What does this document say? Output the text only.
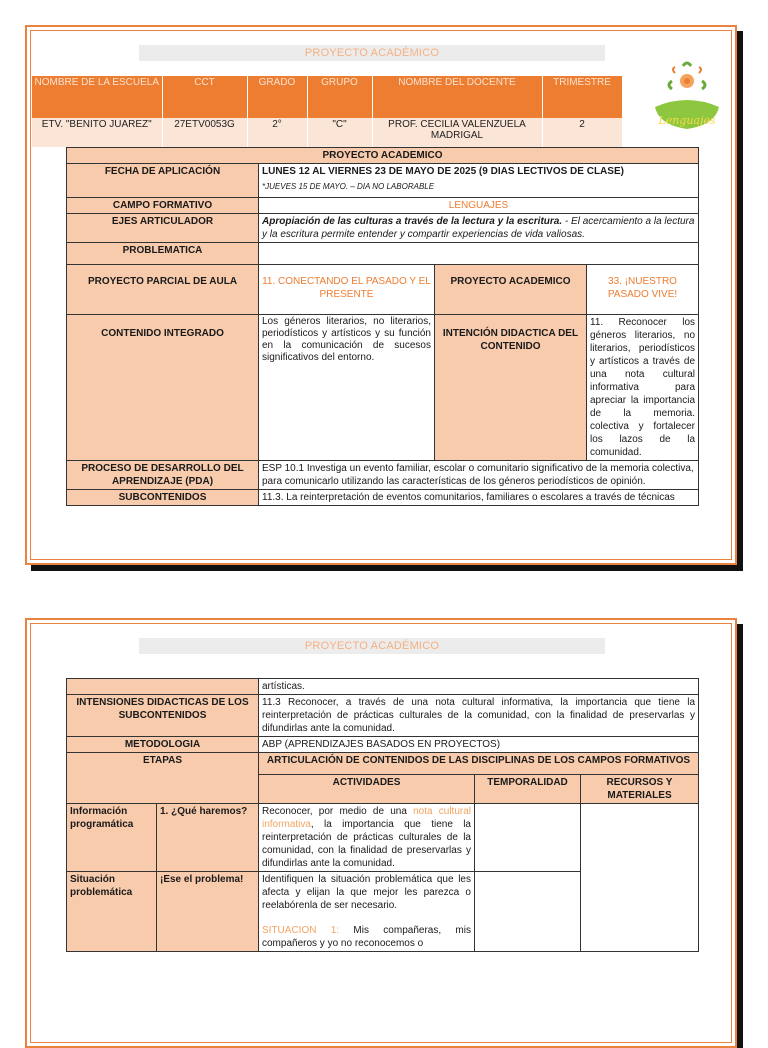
PROYECTO ACADÉMICO
NOMBRE DE LA ESCUELA	CCT	GRADO	GRUPO	NOMBRE DEL DOCENTE	TRIMESTRE
ETV. "BENITO JUAREZ"	27ETV0053G	2°	"C"	PROF. CECILIA VALENZUELA MADRIGAL	2	Lenguajes
PROYECTO ACADEMICO			
FECHA DE APLICACIÓN	LUNES 12 AL VIERNES 23 DE MAYO DE 2025 (9 DIAS LECTIVOS DE CLASE)
*JUEVES 15 DE MAYO. – DIA NO LABORABLE		

CAMPO FORMATIVO	LENGUAJES		
EJES ARTICULADOR	Apropiación de las culturas a través de la lectura y la escritura. - El acercamiento a la lectura y la escritura permite entender y compartir experiencias de vida valiosas.		
PROBLEMATICA			
PROYECTO PARCIAL DE AULA	11. CONECTANDO EL PASADO Y EL PRESENTE	PROYECTO ACADEMICO	33. ¡NUESTRO PASADO VIVE!
CONTENIDO INTEGRADO	Los géneros literarios, no literarios, periodísticos y artísticos y su función en la comunicación de sucesos significativos del entorno.	INTENCIÓN DIDACTICA DEL CONTENIDO	11. Reconocer los géneros literarios, no literarios, periodísticos y artísticos a través de una nota cultural informativa para apreciar la importancia de la memoria. colectiva y fortalecer los lazos de la comunidad.
PROCESO DE DESARROLLO DEL APRENDIZAJE (PDA)	ESP 10.1 Investiga un evento familiar, escolar o comunitario significativo de la memoria colectiva, para comunicarlo utilizando las características de los géneros periodísticos de opinión.		
SUBCONTENIDOS	11.3. La reinterpretación de eventos comunitarios, familiares o escolares a través de técnicas		
PROYECTO ACADÉMICO
		artísticas.		
INTENSIONES DIDACTICAS DE LOS SUBCONTENIDOS		11.3 Reconocer, a través de una nota cultural informativa, la importancia que tiene la reinterpretación de prácticas culturales de la comunidad, con la finalidad de preservarlas y difundirlas ante la comunidad.		
METODOLOGIA		ABP (APRENDIZAJES BASADOS EN PROYECTOS)		
ETAPAS		ARTICULACIÓN DE CONTENIDOS DE LAS DISCIPLINAS DE LOS CAMPOS FORMATIVOS		
		ACTIVIDADES	TEMPORALIDAD	RECURSOS Y MATERIALES
Información programática	1. ¿Qué haremos?	Reconocer, por medio de una nota cultural informativa, la importancia que tiene la reinterpretación de prácticas culturales de la comunidad, con la finalidad de preservarlas y difundirlas ante la comunidad.		
Situación problemática	¡Ese el problema!	Identifiquen la situación problemática que les afecta y elijan la que mejor les parezca o reelabórenla de ser necesario.
SITUACION 1: Mis compañeras, mis compañeros y yo no reconocemos o		
